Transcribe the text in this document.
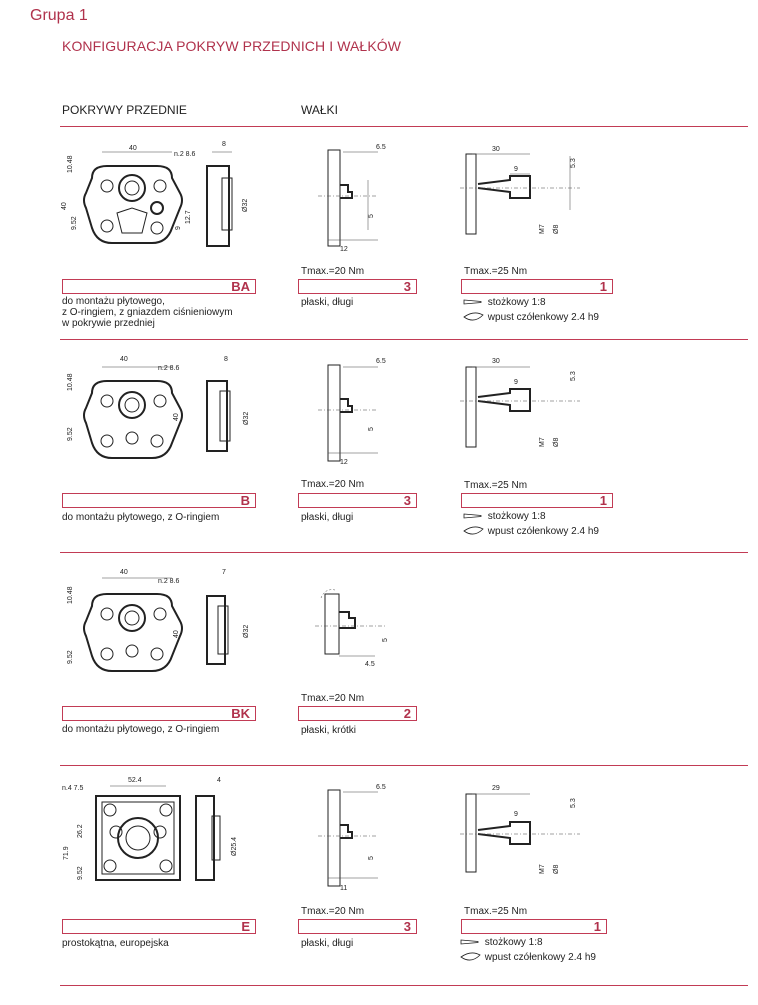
Grupa 1
KONFIGURACJA POKRYW PRZEDNICH I WAŁKÓW
POKRYWY PRZEDNIE	WAŁKI
40
n.2 8.6
8
10.48
40
9.52	9
12.7
Ø32
BA
do montażu płytowego,
z O-ringiem, z gniazdem ciśnieniowym
w pokrywie przedniej
6.5
5
12
Tmax.=20 Nm
3
płaski, długi
30
9
5.3
M7 Ø8
Tmax.=25 Nm
1
stożkowy 1:8
wpust czółenkowy 2.4 h9
40
n.2 8.6
8
10.48
40
9.52
Ø32
B
do montażu płytowego, z O-ringiem
6.5
5
12
Tmax.=20 Nm
3
płaski, długi
30
9
5.3
M7 Ø8
Tmax.=25 Nm
1
stożkowy 1:8
wpust czółenkowy 2.4 h9
40
n.2 8.6
7
10.48
40
9.52
Ø32
BK
do montażu płytowego, z O-ringiem
5
4.5
Tmax.=20 Nm
2
płaski, krótki
n.4 7.5
52.4	4
26.2
71.9
9.52
Ø25.4
E
prostokątna, europejska
6.5
5
11
Tmax.=20 Nm
3
płaski, długi
29
9
5.3
M7 Ø8
Tmax.=25 Nm
1
stożkowy 1:8
wpust czółenkowy 2.4 h9
